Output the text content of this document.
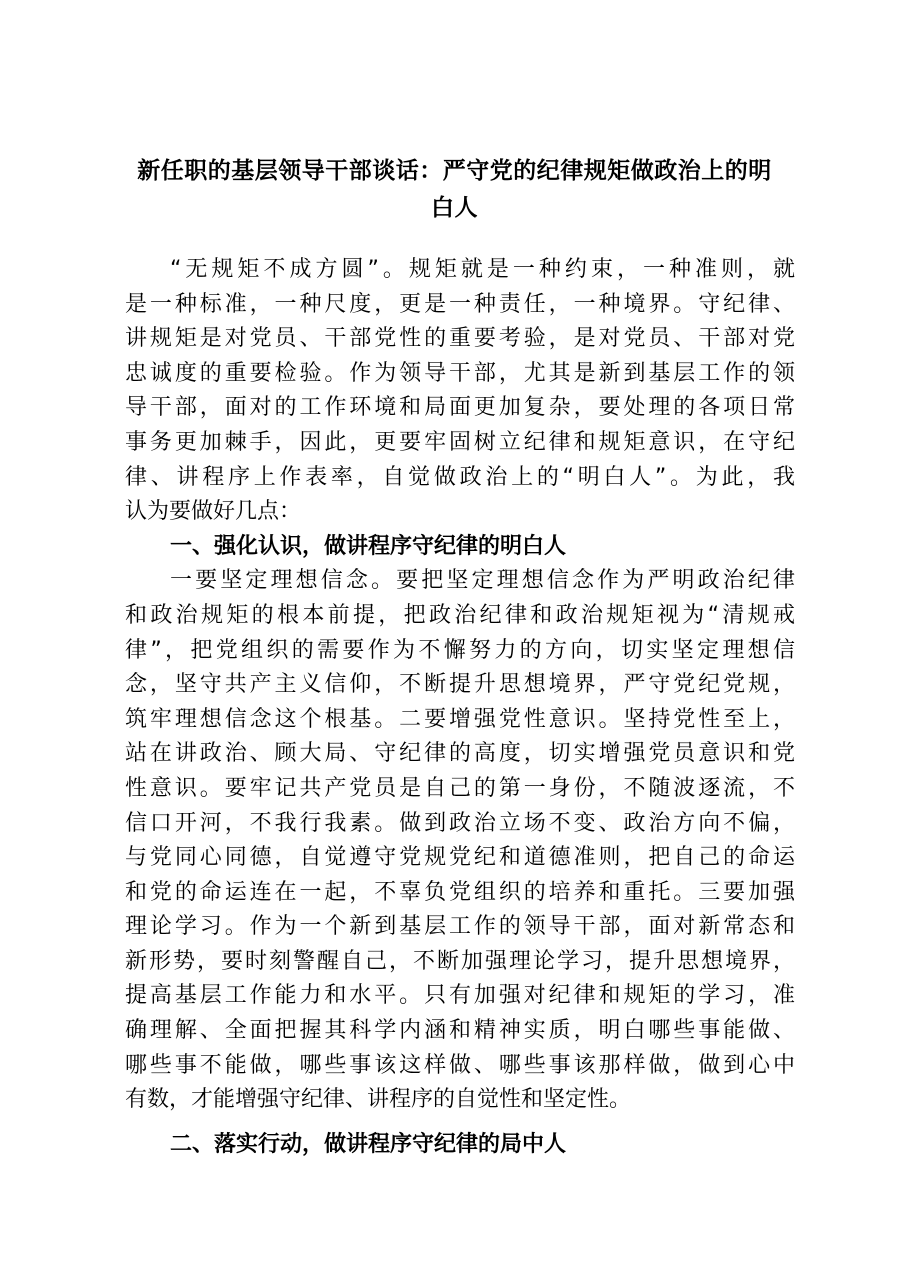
新任职的基层领导干部谈话：严守党的纪律规矩做政治上的明
白人
“无规矩不成方圆”。规矩就是一种约束，一种准则，就
是一种标准，一种尺度，更是一种责任，一种境界。守纪律、
讲规矩是对党员、干部党性的重要考验，是对党员、干部对党
忠诚度的重要检验。作为领导干部，尤其是新到基层工作的领
导干部，面对的工作环境和局面更加复杂，要处理的各项日常
事务更加棘手，因此，更要牢固树立纪律和规矩意识，在守纪
律、讲程序上作表率，自觉做政治上的“明白人”。为此，我
认为要做好几点：
一、强化认识，做讲程序守纪律的明白人
一要坚定理想信念。要把坚定理想信念作为严明政治纪律
和政治规矩的根本前提，把政治纪律和政治规矩视为“清规戒
律”，把党组织的需要作为不懈努力的方向，切实坚定理想信
念，坚守共产主义信仰，不断提升思想境界，严守党纪党规，
筑牢理想信念这个根基。二要增强党性意识。坚持党性至上，
站在讲政治、顾大局、守纪律的高度，切实增强党员意识和党
性意识。要牢记共产党员是自己的第一身份，不随波逐流，不
信口开河，不我行我素。做到政治立场不变、政治方向不偏，
与党同心同德，自觉遵守党规党纪和道德准则，把自己的命运
和党的命运连在一起，不辜负党组织的培养和重托。三要加强
理论学习。作为一个新到基层工作的领导干部，面对新常态和
新形势，要时刻警醒自己，不断加强理论学习，提升思想境界，
提高基层工作能力和水平。只有加强对纪律和规矩的学习，准
确理解、全面把握其科学内涵和精神实质，明白哪些事能做、
哪些事不能做，哪些事该这样做、哪些事该那样做，做到心中
有数，才能增强守纪律、讲程序的自觉性和坚定性。
二、落实行动，做讲程序守纪律的局中人
